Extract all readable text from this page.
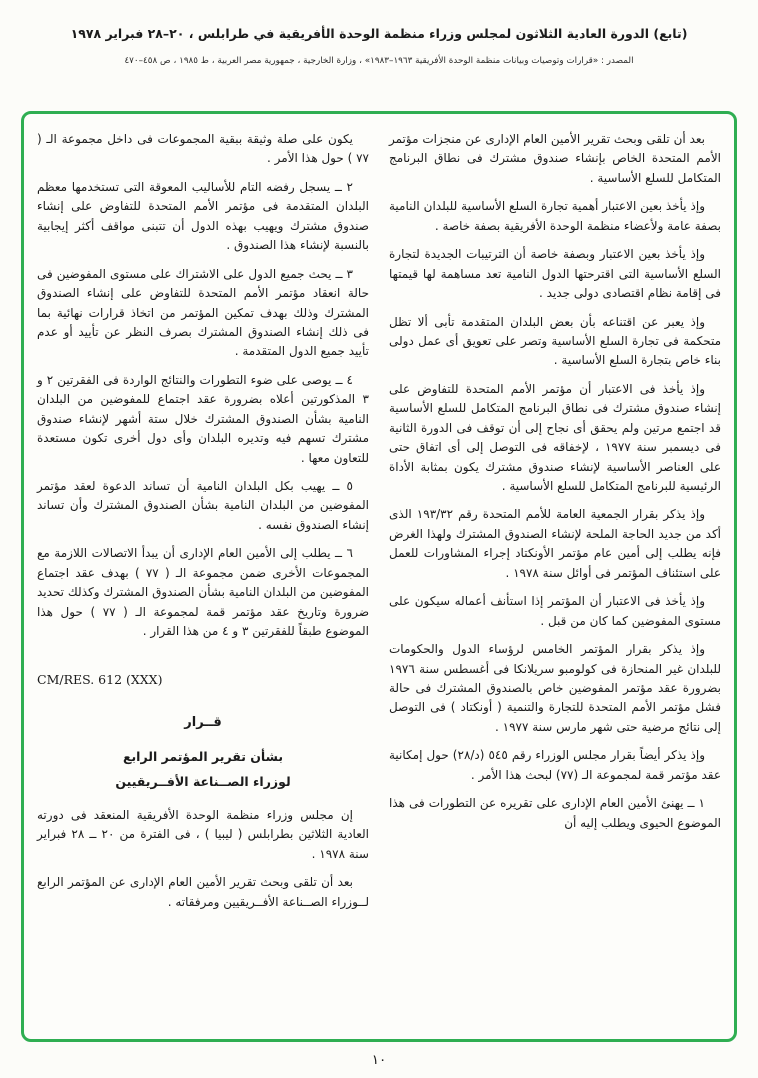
(تابع) الدورة العادية الثلاثون لمجلس وزراء منظمة الوحدة الأفريقية في طرابلس ، ٢٠–٢٨ فبراير ١٩٧٨
المصدر : «قرارات وتوصيات وبيانات منظمة الوحدة الأفريقية ١٩٦٣–١٩٨٣» ، وزارة الخارجية ، جمهورية مصر العربية ، ط ١٩٨٥ ، ص ٤٥٨–٤٧٠

بعد أن تلقى وبحث تقرير الأمين العام الإدارى عن منجزات مؤتمر الأمم المتحدة الخاص بإنشاء صندوق مشترك فى نطاق البرنامج المتكامل للسلع الأساسية .

وإذ يأخذ بعين الاعتبار أهمية تجارة السلع الأساسية للبلدان النامية بصفة عامة ولأعضاء منظمة الوحدة الأفريقية بصفة خاصة .

وإذ يأخذ بعين الاعتبار وبصفة خاصة أن الترتيبات الجديدة لتجارة السلع الأساسية التى اقترحتها الدول النامية تعد مساهمة لها قيمتها فى إقامة نظام اقتصادى دولى جديد .

وإذ يعبر عن اقتناعه بأن بعض البلدان المتقدمة تأبى ألا تظل متحكمة فى تجارة السلع الأساسية وتصر على تعويق أى عمل دولى بناء خاص بتجارة السلع الأساسية .

وإذ يأخذ فى الاعتبار أن مؤتمر الأمم المتحدة للتفاوض على إنشاء صندوق مشترك فى نطاق البرنامج المتكامل للسلع الأساسية قد اجتمع مرتين ولم يحقق أى نجاح إلى أن توقف فى الدورة الثانية فى ديسمبر سنة ١٩٧٧ ، لإخفاقه فى التوصل إلى أى اتفاق حتى على العناصر الأساسية لإنشاء صندوق مشترك يكون بمثابة الأداة الرئيسية للبرنامج المتكامل للسلع الأساسية .

وإذ يذكر بقرار الجمعية العامة للأمم المتحدة رقم ١٩٣/٣٢ الذى أكد من جديد الحاجة الملحة لإنشاء الصندوق المشترك ولهذا الغرض فإنه يطلب إلى أمين عام مؤتمر الأونكتاد إجراء المشاورات للعمل على استئناف المؤتمر فى أوائل سنة ١٩٧٨ .

وإذ يأخذ فى الاعتبار أن المؤتمر إذا استأنف أعماله سيكون على مستوى المفوضين كما كان من قبل .

وإذ يذكر بقرار المؤتمر الخامس لرؤساء الدول والحكومات للبلدان غير المنحازة فى كولومبو سريلانكا فى أغسطس سنة ١٩٧٦ بضرورة عقد مؤتمر المفوضين خاص بالصندوق المشترك فى حالة فشل مؤتمر الأمم المتحدة للتجارة والتنمية ( أونكتاد ) فى التوصل إلى نتائج مرضية حتى شهر مارس سنة ١٩٧٧ .

وإذ يذكر أيضاً بقرار مجلس الوزراء رقم ٥٤٥ (د/٢٨) حول إمكانية عقد مؤتمر قمة لمجموعة الـ (٧٧) لبحث هذا الأمر .

١ ــ يهنئ الأمين العام الإدارى على تقريره عن التطورات فى هذا الموضوع الحيوى ويطلب إليه أن

يكون على صلة وثيقة ببقية المجموعات فى داخل مجموعة الـ ( ٧٧ ) حول هذا الأمر .

٢ ــ يسجل رفضه التام للأساليب المعوقة التى تستخدمها معظم البلدان المتقدمة فى مؤتمر الأمم المتحدة للتفاوض على إنشاء صندوق مشترك ويهيب بهذه الدول أن تتبنى مواقف أكثر إيجابية بالنسبة لإنشاء هذا الصندوق .

٣ ــ يحث جميع الدول على الاشتراك على مستوى المفوضين فى حالة انعقاد مؤتمر الأمم المتحدة للتفاوض على إنشاء الصندوق المشترك وذلك بهدف تمكين المؤتمر من اتخاذ قرارات نهائية بما فى ذلك إنشاء الصندوق المشترك بصرف النظر عن تأييد أو عدم تأييد جميع الدول المتقدمة .

٤ ــ يوصى على ضوء التطورات والنتائج الواردة فى الفقرتين ٢ و ٣ المذكورتين أعلاه بضرورة عقد اجتماع للمفوضين من البلدان النامية بشأن الصندوق المشترك خلال ستة أشهر لإنشاء صندوق مشترك تسهم فيه وتديره البلدان وأى دول أخرى تكون مستعدة للتعاون معها .

٥ ــ يهيب بكل البلدان النامية أن تساند الدعوة لعقد مؤتمر المفوضين من البلدان النامية بشأن الصندوق المشترك وأن تساند إنشاء الصندوق نفسه .

٦ ــ يطلب إلى الأمين العام الإدارى أن يبدأ الاتصالات اللازمة مع المجموعات الأخرى ضمن مجموعة الـ ( ٧٧ ) بهدف عقد اجتماع المفوضين من البلدان النامية بشأن الصندوق المشترك وكذلك تحديد ضرورة وتاريخ عقد مؤتمر قمة لمجموعة الـ ( ٧٧ ) حول هذا الموضوع طبقاً للفقرتين ٣ و ٤ من هذا القرار .

CM/RES. 612 (XXX)
قــرار
بشأن تقرير المؤتمر الرابع
لوزراء الصــناعة الأفــريقيين

إن مجلس وزراء منظمة الوحدة الأفريقية المنعقد فى دورته العادية الثلاثين بطرابلس ( ليبيا ) ، فى الفترة من ٢٠ ــ ٢٨ فبراير سنة ١٩٧٨ .

بعد أن تلقى وبحث تقرير الأمين العام الإدارى عن المؤتمر الرابع لــوزراء الصــناعة الأفــريقيين ومرفقاته .

١٠
